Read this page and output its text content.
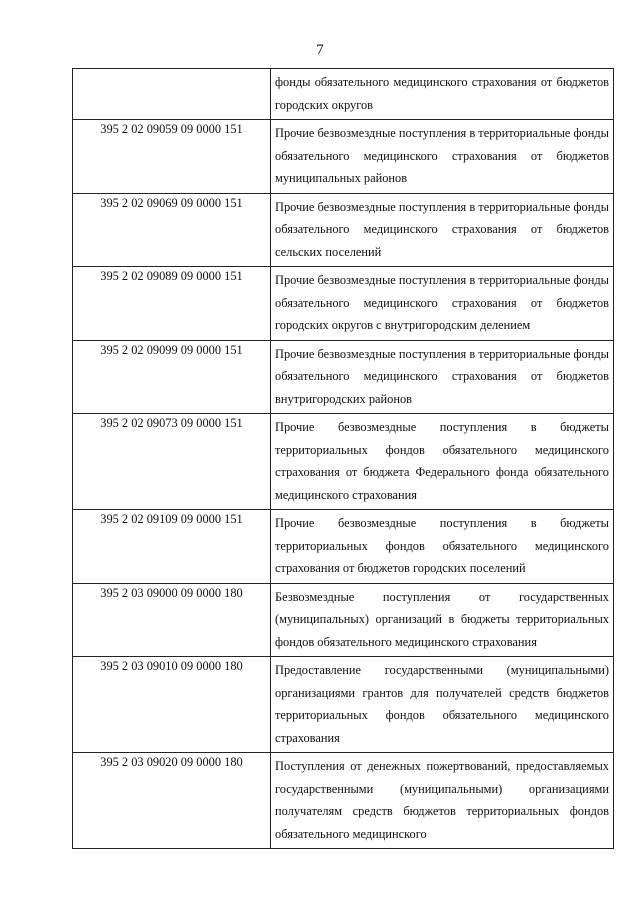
7
	фонды обязательного медицинского страхования от бюджетов городских округов
395 2 02 09059 09 0000 151	Прочие безвозмездные поступления в территориальные фонды обязательного медицинского страхования от бюджетов муниципальных районов
395 2 02 09069 09 0000 151	Прочие безвозмездные поступления в территориальные фонды обязательного медицинского страхования от бюджетов сельских поселений
395 2 02 09089 09 0000 151	Прочие безвозмездные поступления в территориальные фонды обязательного медицинского страхования от бюджетов городских округов с внутригородским делением
395 2 02 09099 09 0000 151	Прочие безвозмездные поступления в территориальные фонды обязательного медицинского страхования от бюджетов внутригородских районов
395 2 02 09073 09 0000 151	Прочие безвозмездные поступления в бюджеты территориальных фондов обязательного медицинского страхования от бюджета Федерального фонда обязательного медицинского страхования
395 2 02 09109 09 0000 151	Прочие безвозмездные поступления в бюджеты территориальных фондов обязательного медицинского страхования от бюджетов городских поселений
395 2 03 09000 09 0000 180	Безвозмездные поступления от государственных (муниципальных) организаций в бюджеты территориальных фондов обязательного медицинского страхования
395 2 03 09010 09 0000 180	Предоставление государственными (муниципальными) организациями грантов для получателей средств бюджетов территориальных фондов обязательного медицинского страхования
395 2 03 09020 09 0000 180	Поступления от денежных пожертвований, предоставляемых государственными (муниципальными) организациями получателям средств бюджетов территориальных фондов обязательного медицинского
